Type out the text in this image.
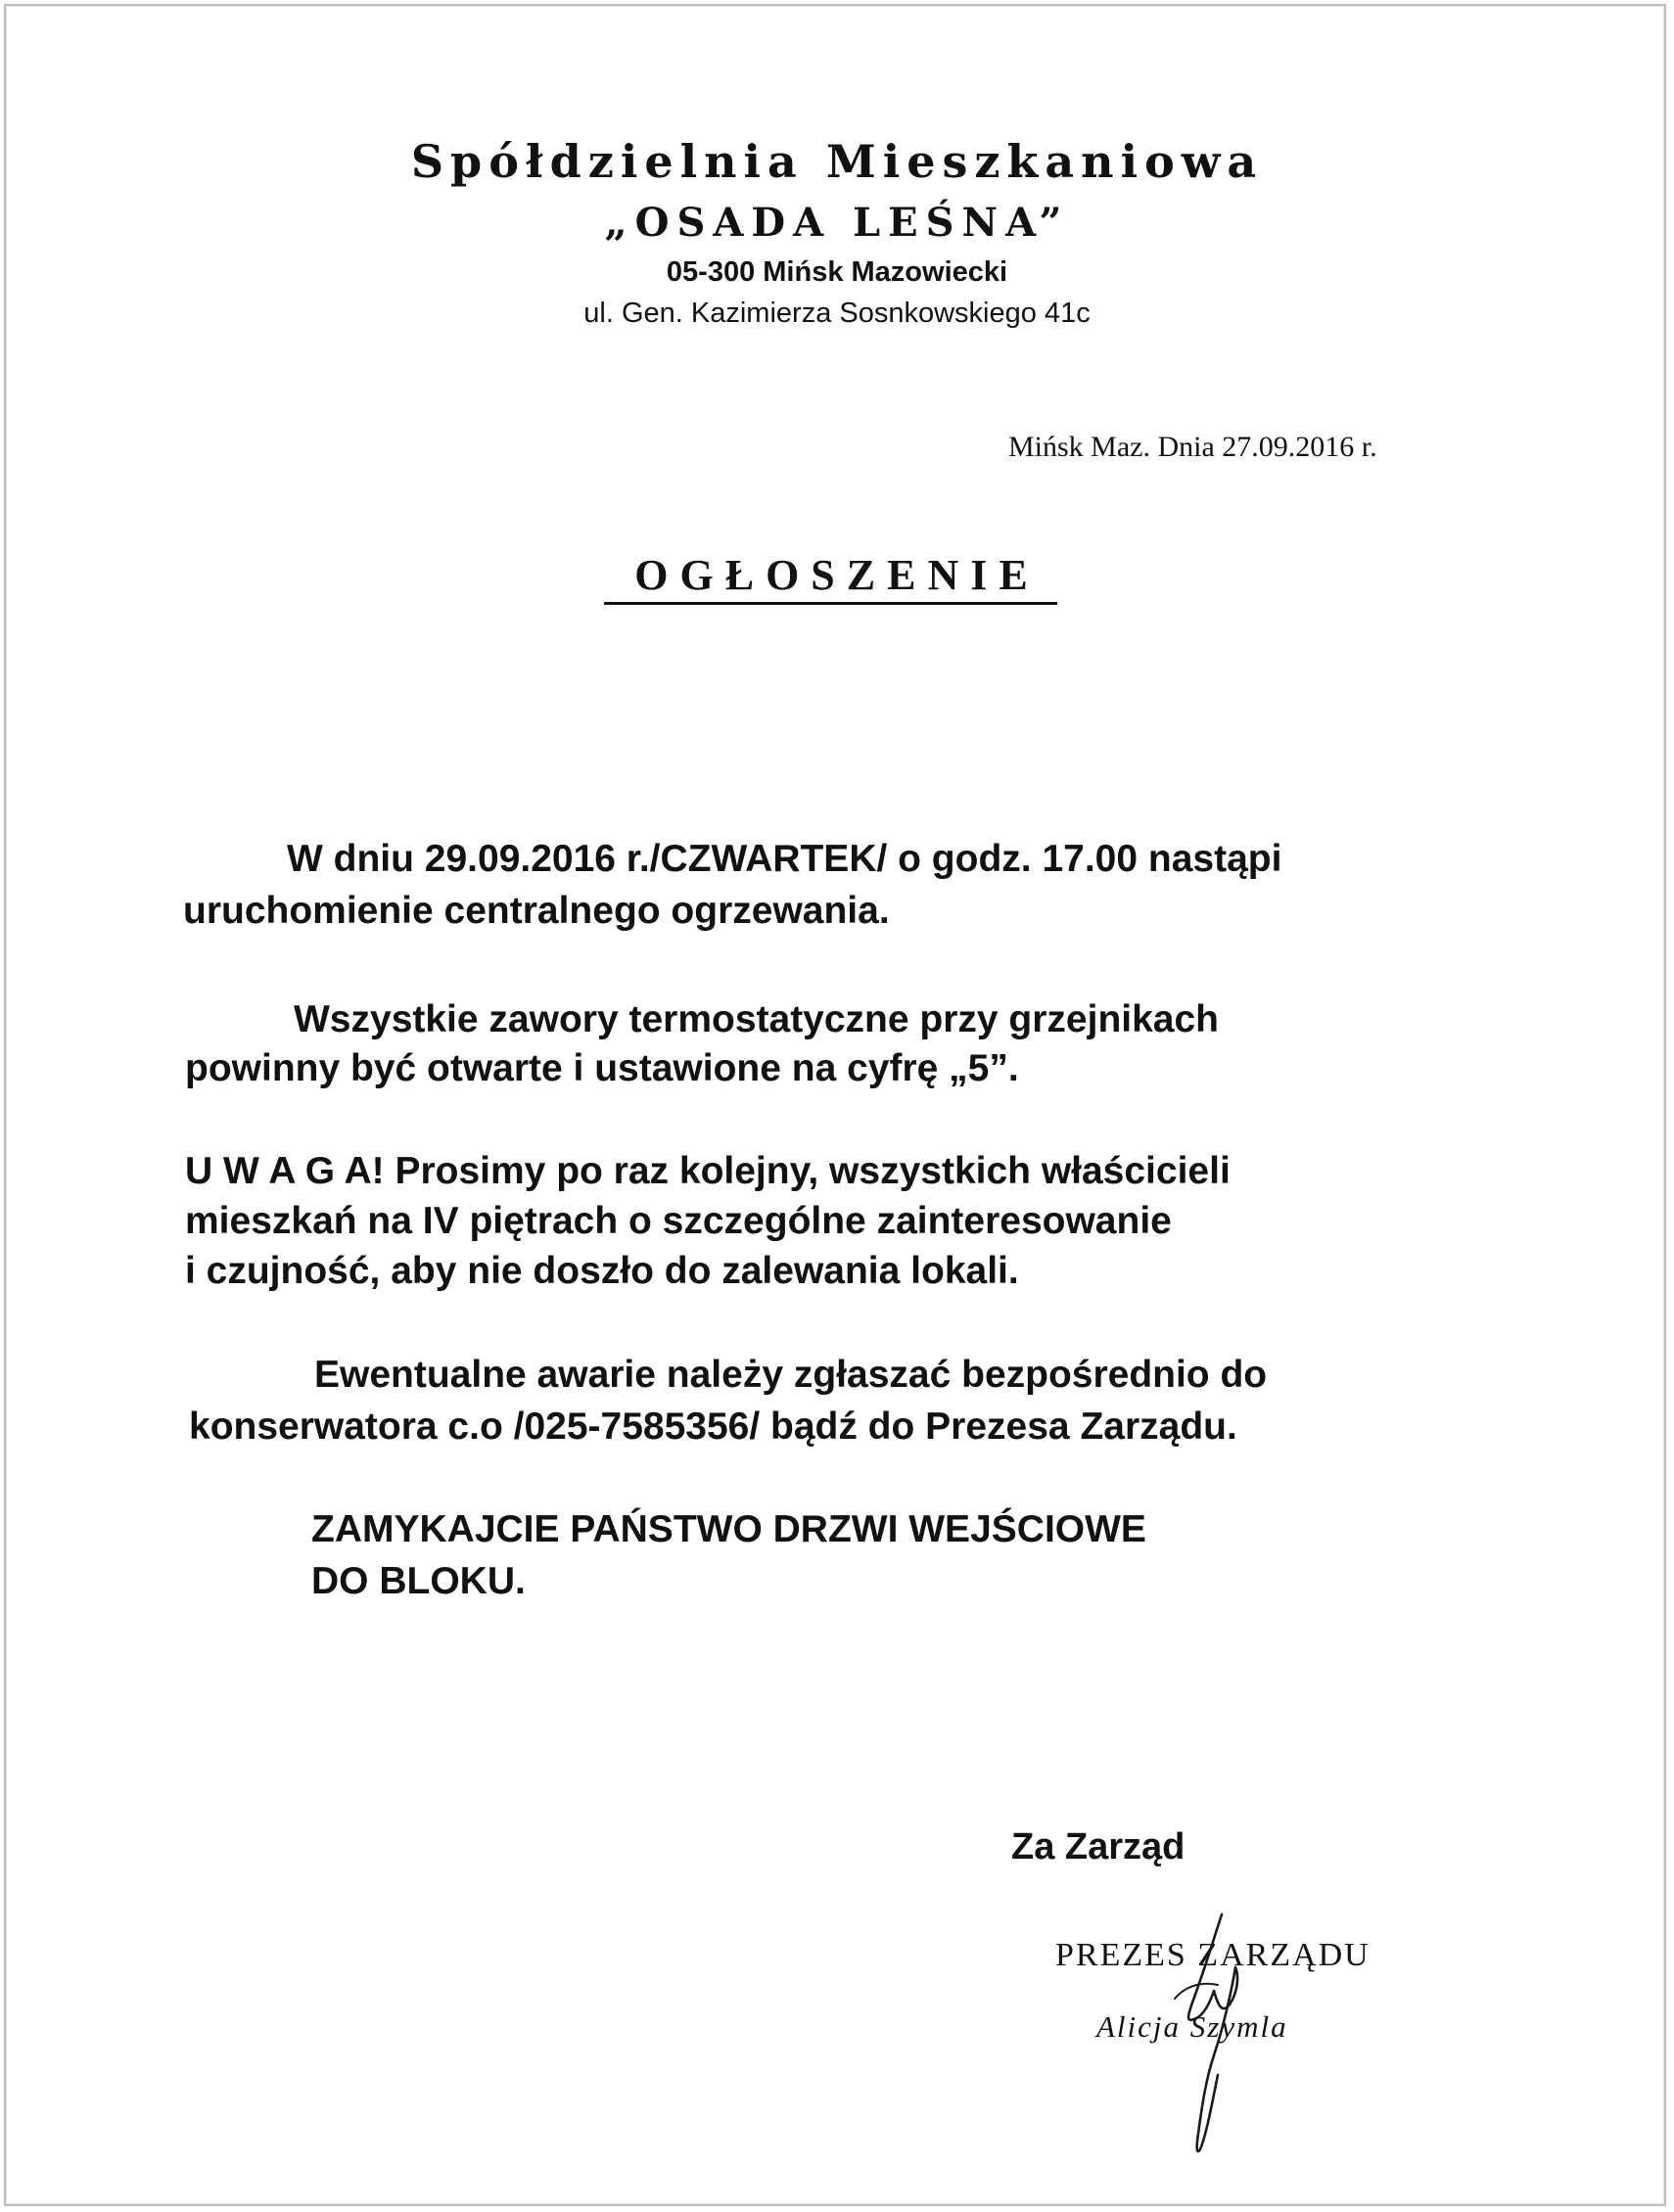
Spółdzielnia Mieszkaniowa
„OSADA LEŚNA”
05-300 Mińsk Mazowiecki
ul. Gen. Kazimierza Sosnkowskiego 41c
Mińsk Maz. Dnia 27.09.2016 r.
OGŁOSZENIE
W dniu 29.09.2016 r./CZWARTEK/ o godz. 17.00 nastąpi
uruchomienie centralnego ogrzewania.
Wszystkie zawory termostatyczne przy grzejnikach
powinny być otwarte i ustawione na cyfrę „5”.
U W A G A! Prosimy po raz kolejny, wszystkich właścicieli
mieszkań na IV piętrach o szczególne zainteresowanie
i czujność, aby nie doszło do zalewania lokali.
Ewentualne awarie należy zgłaszać bezpośrednio do
konserwatora c.o /025-7585356/ bądź do Prezesa Zarządu.
ZAMYKAJCIE PAŃSTWO DRZWI WEJŚCIOWE
DO BLOKU.
Za Zarząd
PREZES ZARZĄDU
Alicja Szymla
